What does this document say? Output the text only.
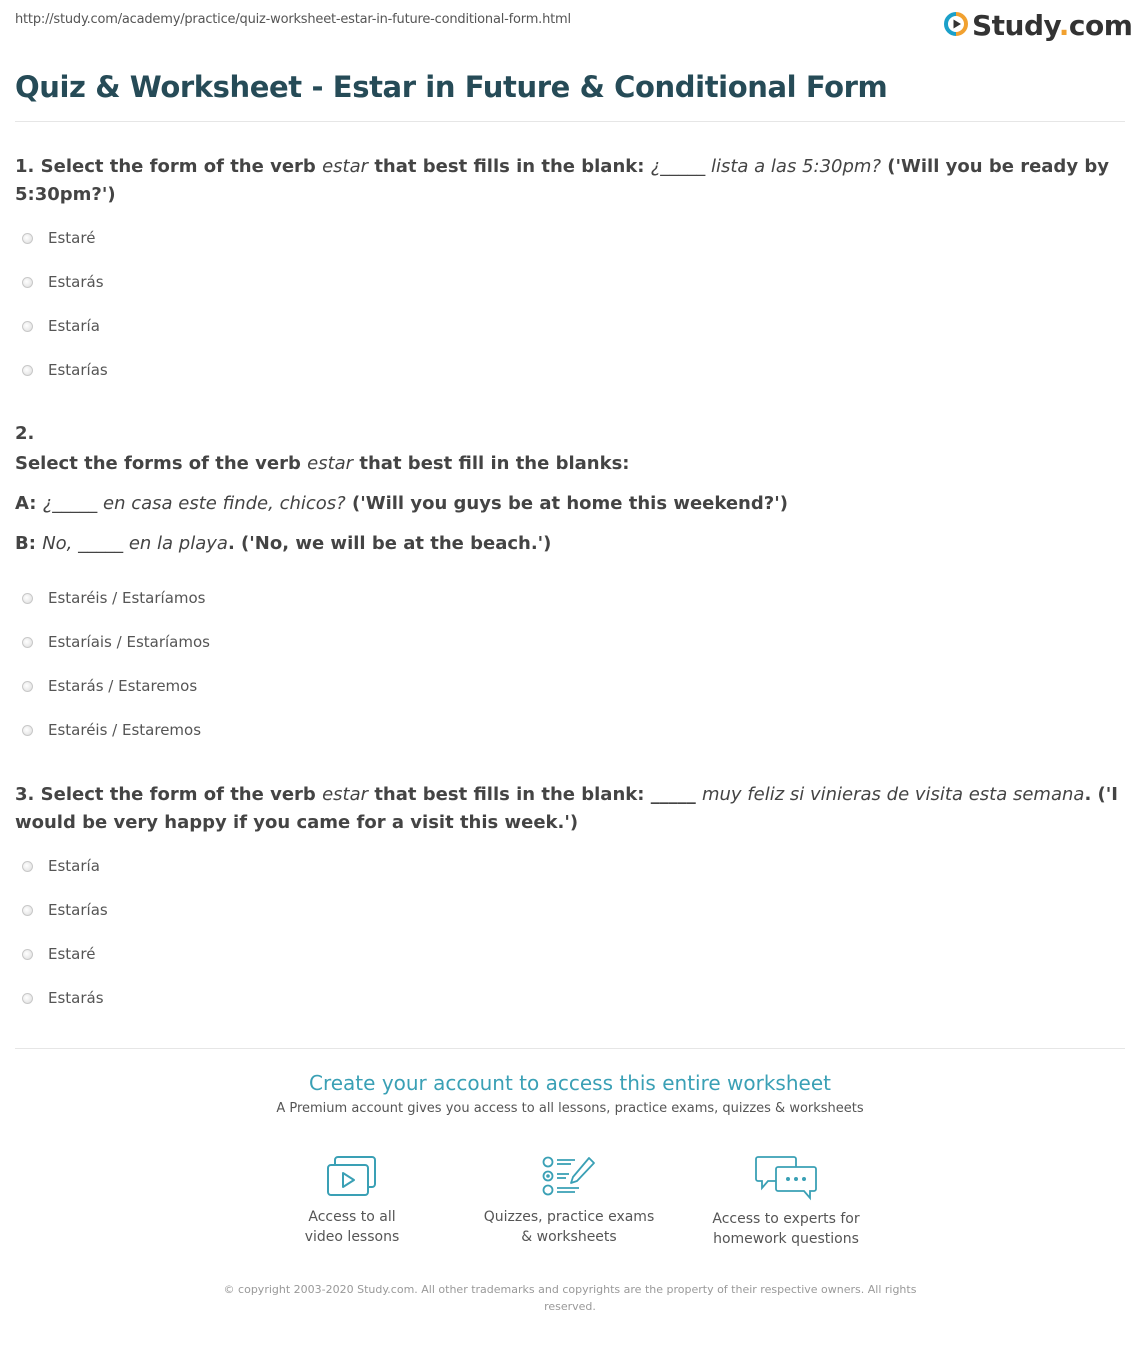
http://study.com/academy/practice/quiz-worksheet-estar-in-future-conditional-form.html	Study.com
Quiz & Worksheet - Estar in Future & Conditional Form
1. Select the form of the verb estar that best fills in the blank: ¿_____ lista a las 5:30pm? ('Will you be ready by 5:30pm?')
Estaré
Estarás
Estaría
Estarías
2.
Select the forms of the verb estar that best fill in the blanks:
A: ¿_____ en casa este finde, chicos? ('Will you guys be at home this weekend?')
B: No, _____ en la playa. ('No, we will be at the beach.')
Estaréis / Estaríamos
Estaríais / Estaríamos
Estarás / Estaremos
Estaréis / Estaremos
3. Select the form of the verb estar that best fills in the blank: _____ muy feliz si vinieras de visita esta semana. ('I would be very happy if you came for a visit this week.')
Estaría
Estarías
Estaré
Estarás
Create your account to access this entire worksheet
A Premium account gives you access to all lessons, practice exams, quizzes & worksheets
Access to all
video lessons
Quizzes, practice exams
& worksheets
Access to experts for
homework questions
© copyright 2003-2020 Study.com. All other trademarks and copyrights are the property of their respective owners. All rights reserved.
